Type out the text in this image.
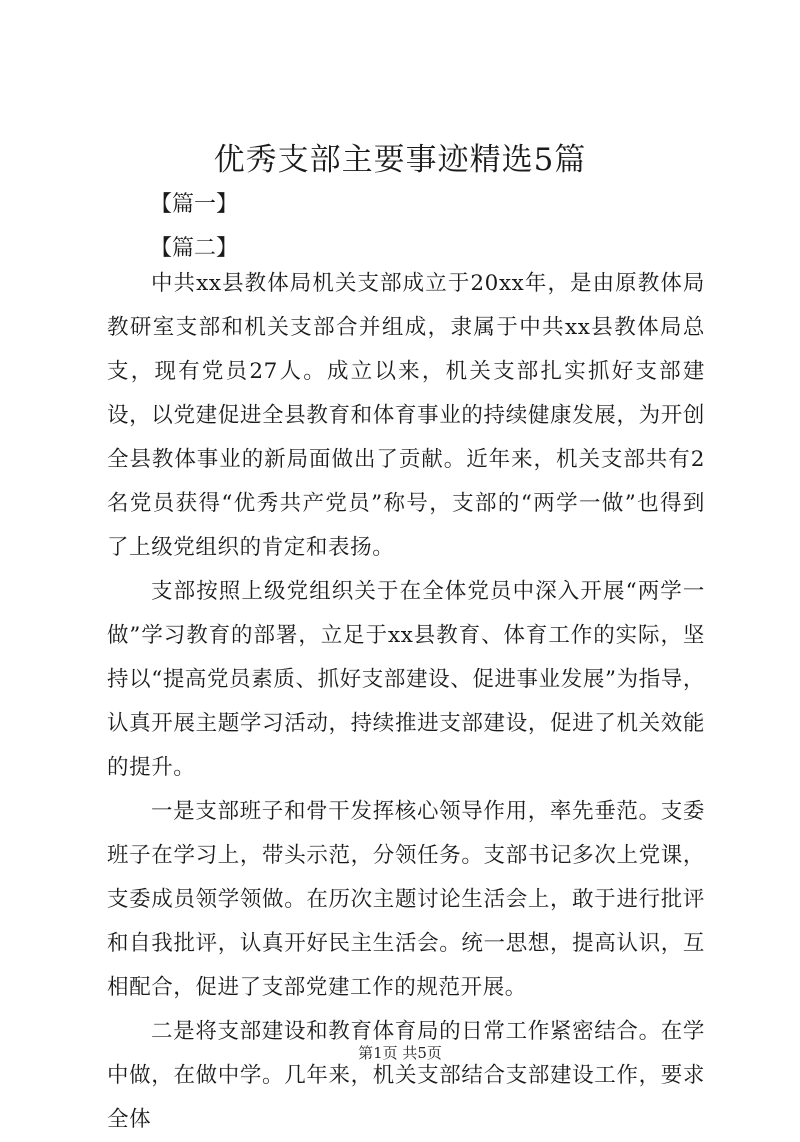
优秀支部主要事迹精选5篇
【篇一】
【篇二】

中共xx县教体局机关支部成立于20xx年，是由原教体局教研室支部和机关支部合并组成，隶属于中共xx县教体局总支，现有党员27人。成立以来，机关支部扎实抓好支部建设，以党建促进全县教育和体育事业的持续健康发展，为开创全县教体事业的新局面做出了贡献。近年来，机关支部共有2名党员获得“优秀共产党员”称号，支部的“两学一做”也得到了上级党组织的肯定和表扬。

支部按照上级党组织关于在全体党员中深入开展“两学一做”学习教育的部署，立足于xx县教育、体育工作的实际，坚持以“提高党员素质、抓好支部建设、促进事业发展”为指导，认真开展主题学习活动，持续推进支部建设，促进了机关效能的提升。

一是支部班子和骨干发挥核心领导作用，率先垂范。支委班子在学习上，带头示范，分领任务。支部书记多次上党课，支委成员领学领做。在历次主题讨论生活会上，敢于进行批评和自我批评，认真开好民主生活会。统一思想，提高认识，互相配合，促进了支部党建工作的规范开展。

二是将支部建设和教育体育局的日常工作紧密结合。在学中做，在做中学。几年来，机关支部结合支部建设工作，要求全体

第1页 共5页
